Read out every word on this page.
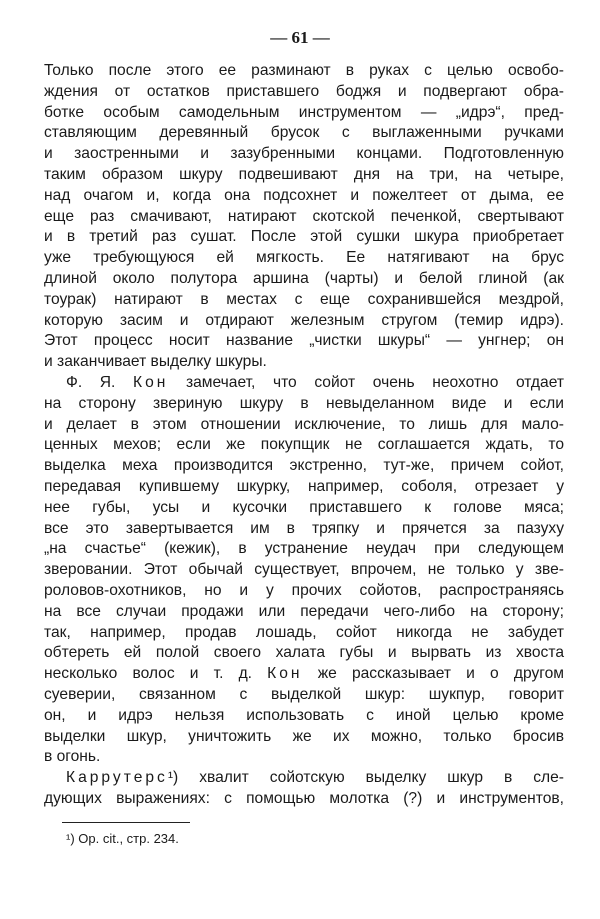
— 61 —
Только после этого ее разминают в руках с целью освобо-
ждения от остатков приставшего боджя и подвергают обра-
ботке особым самодельным инструментом — „идрэ“, пред-
ставляющим деревянный брусок с выглаженными ручками
и заостренными и зазубренными концами. Подготовленную
таким образом шкуру подвешивают дня на три, на четыре,
над очагом и, когда она подсохнет и пожелтеет от дыма, ее
еще раз смачивают, натирают скотской печенкой, свертывают
и в третий раз сушат. После этой сушки шкура приобретает
уже требующуюся ей мягкость. Ее натягивают на брус
длиной около полутора аршина (чарты) и белой глиной (ак
тоурак) натирают в местах с еще сохранившейся мездрой,
которую засим и отдирают железным стругом (темир идрэ).
Этот процесс носит название „чистки шкуры“ — унгнер; он
и заканчивает выделку шкуры.
Ф. Я. Кон замечает, что сойот очень неохотно отдает
на сторону звериную шкуру в невыделанном виде и если
и делает в этом отношении исключение, то лишь для мало-
ценных мехов; если же покупщик не соглашается ждать, то
выделка меха производится экстренно, тут-же, причем сойот,
передавая купившему шкурку, например, соболя, отрезает у
нее губы, усы и кусочки приставшего к голове мяса;
все это завертывается им в тряпку и прячется за пазуху
„на счастье“ (кежик), в устранение неудач при следующем
зверовании. Этот обычай существует, впрочем, не только у зве-
роловов-охотников, но и у прочих сойотов, распространяясь
на все случаи продажи или передачи чего-либо на сторону;
так, например, продав лошадь, сойот никогда не забудет
обтереть ей полой своего халата губы и вырвать из хвоста
несколько волос и т. д. Кон же рассказывает и о другом
суеверии, связанном с выделкой шкур: шукпур, говорит
он, и идрэ нельзя использовать с иной целью кроме
выделки шкур, уничтожить же их можно, только бросив
в огонь.
Каррутерс¹) хвалит сойотскую выделку шкур в сле-
дующих выражениях: с помощью молотка (?) и инструментов,
¹) Op. cit., стр. 234.
